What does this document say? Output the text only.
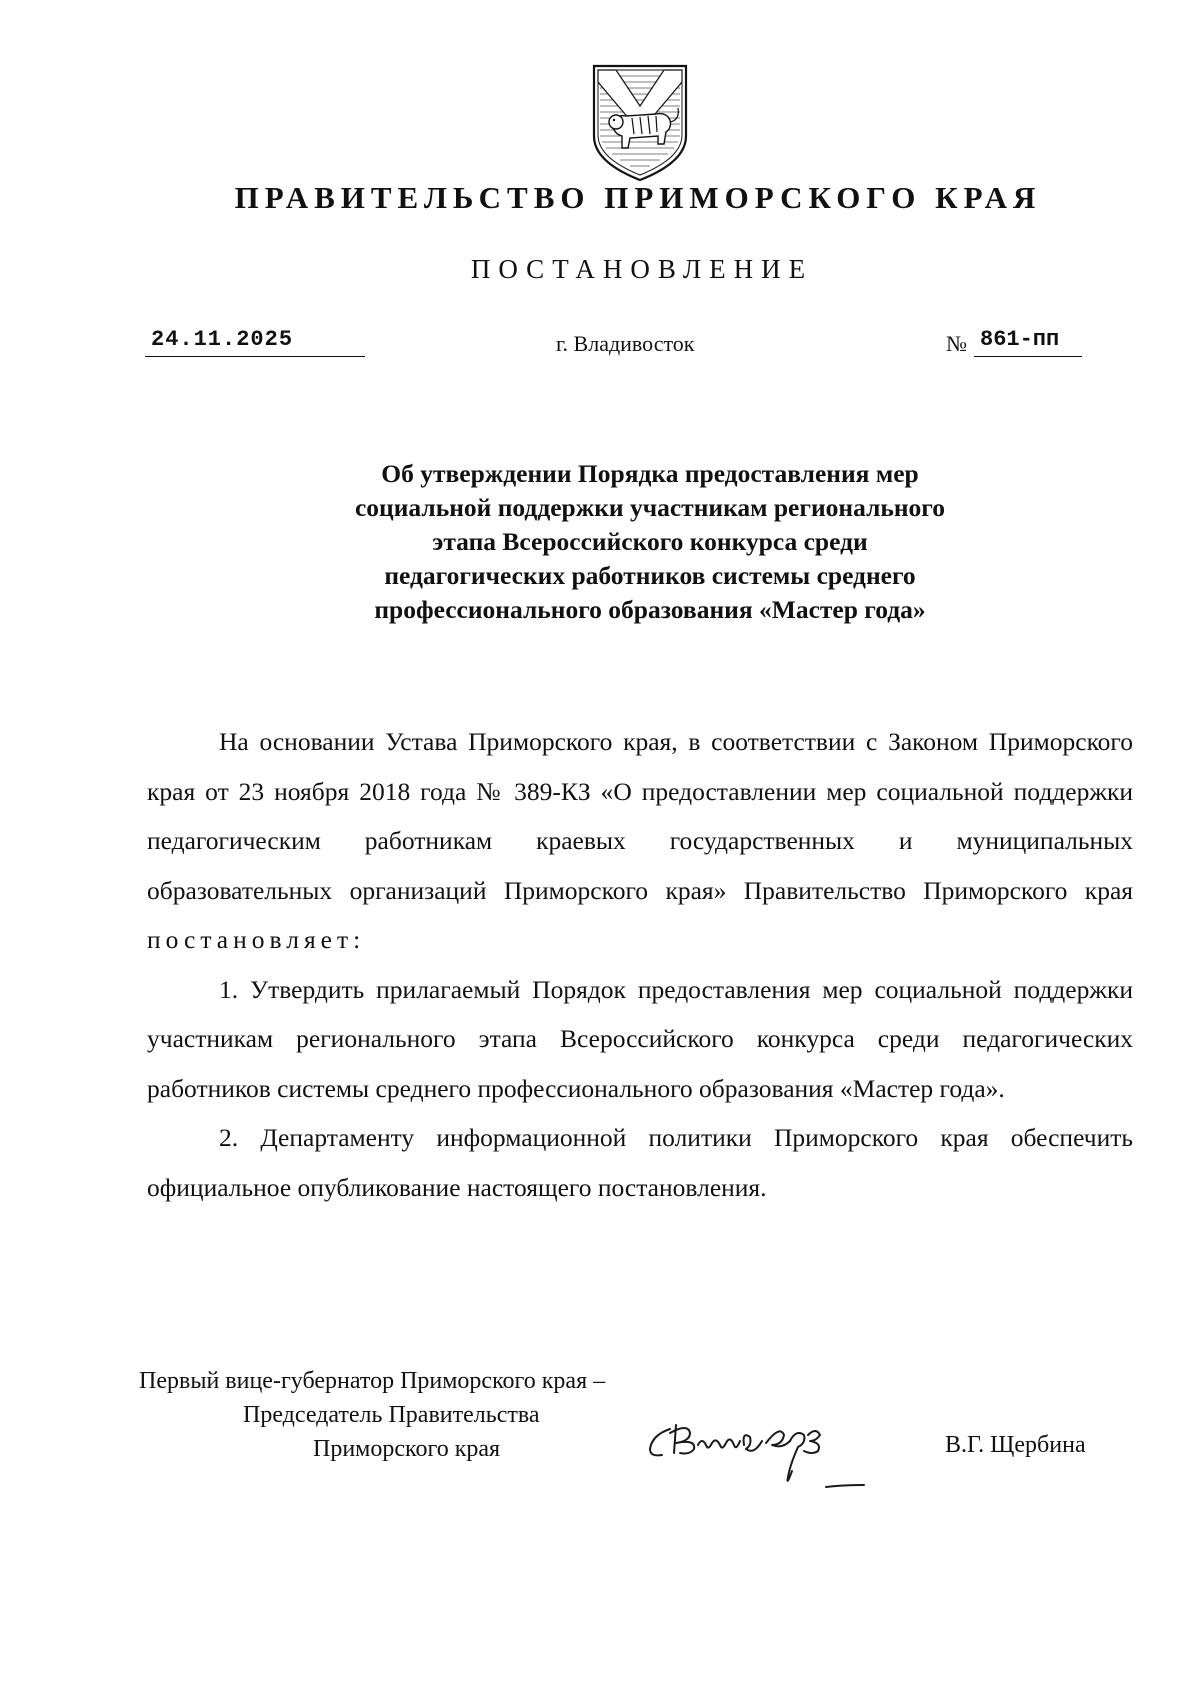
ПРАВИТЕЛЬСТВО ПРИМОРСКОГО КРАЯ
ПОСТАНОВЛЕНИЕ
24.11.2025	г. Владивосток	№ 861-пп
Об утверждении Порядка предоставления мер
социальной поддержки участникам регионального
этапа Всероссийского конкурса среди
педагогических работников системы среднего
профессионального образования «Мастер года»

На основании Устава Приморского края, в соответствии с Законом Приморского края от 23 ноября 2018 года № 389-КЗ «О предоставлении мер социальной поддержки педагогическим работникам краевых государственных и муниципальных образовательных организаций Приморского края» Правительство Приморского края постановляет:

1. Утвердить прилагаемый Порядок предоставления мер социальной поддержки участникам регионального этапа Всероссийского конкурса среди педагогических работников системы среднего профессионального образования «Мастер года».

2. Департаменту информационной политики Приморского края обеспечить официальное опубликование настоящего постановления.

Первый вице-губернатор Приморского края –
Председатель Правительства
Приморского края	В.Г. Щербина
